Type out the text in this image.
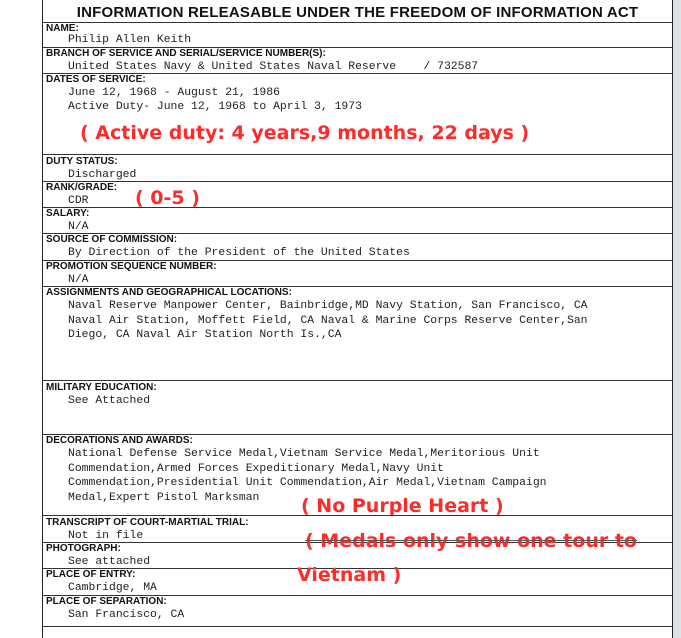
INFORMATION RELEASABLE UNDER THE FREEDOM OF INFORMATION ACT
NAME:
Philip Allen Keith
BRANCH OF SERVICE AND SERIAL/SERVICE NUMBER(S):
United States Navy & United States Naval Reserve    / 732587
DATES OF SERVICE:
June 12, 1968 - August 21, 1986
Active Duty- June 12, 1968 to April 3, 1973
( Active duty: 4 years,9 months, 22 days )
DUTY STATUS:
Discharged
RANK/GRADE:
CDR ( 0-5 )
SALARY:
N/A
SOURCE OF COMMISSION:
By Direction of the President of the United States
PROMOTION SEQUENCE NUMBER:
N/A
ASSIGNMENTS AND GEOGRAPHICAL LOCATIONS:
Naval Reserve Manpower Center, Bainbridge,MD Navy Station, San Francisco, CA
Naval Air Station, Moffett Field, CA Naval & Marine Corps Reserve Center,San
Diego, CA Naval Air Station North Is.,CA
MILITARY EDUCATION:
See Attached
DECORATIONS AND AWARDS:
National Defense Service Medal,Vietnam Service Medal,Meritorious Unit
Commendation,Armed Forces Expeditionary Medal,Navy Unit
Commendation,Presidential Unit Commendation,Air Medal,Vietnam Campaign
Medal,Expert Pistol Marksman ( No Purple Heart )
TRANSCRIPT OF COURT-MARTIAL TRIAL:
Not in file
PHOTOGRAPH:
See attached
PLACE OF ENTRY:
Cambridge, MA
PLACE OF SEPARATION:
San Francisco, CA
( Medals only show one tour to
Vietnam )
